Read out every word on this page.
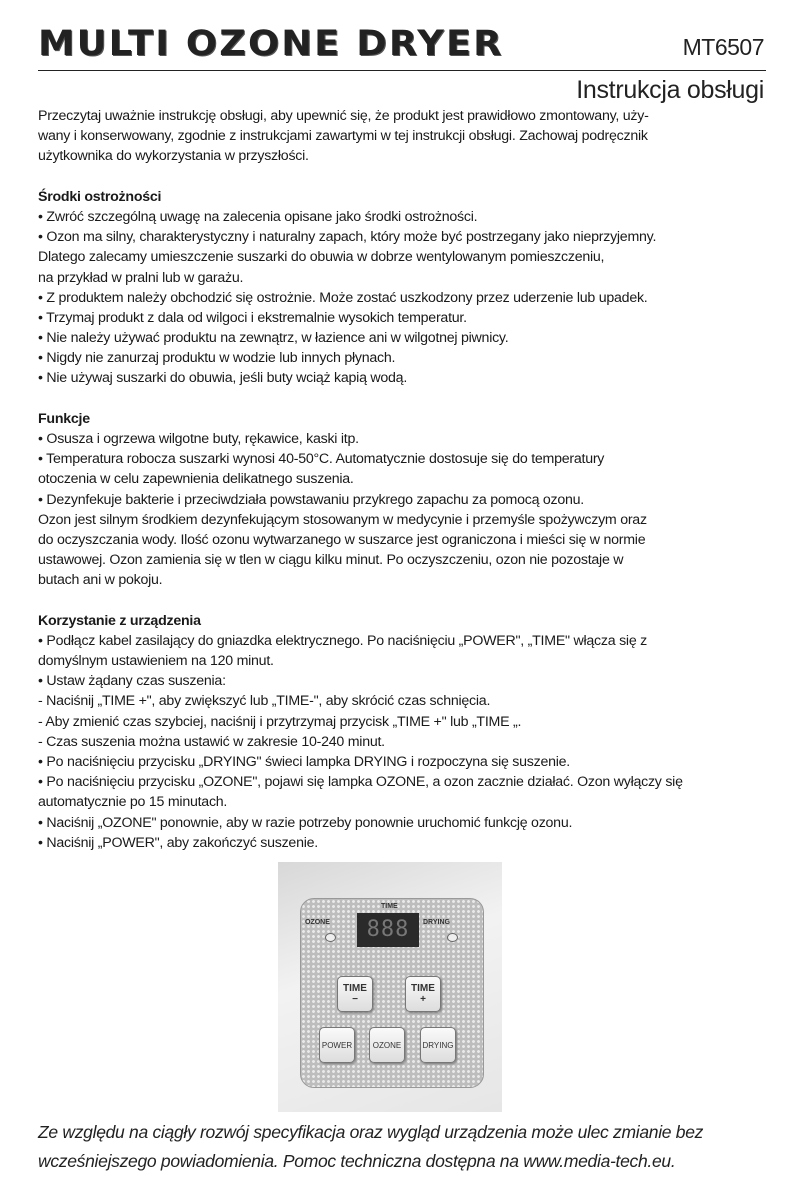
MULTI OZONE DRYER	MT6507
Instrukcja obsługi
Przeczytaj uważnie instrukcję obsługi, aby upewnić się, że produkt jest prawidłowo zmontowany, uży-
wany i konserwowany, zgodnie z instrukcjami zawartymi w tej instrukcji obsługi. Zachowaj podręcznik
użytkownika do wykorzystania w przyszłości.
Środki ostrożności
• Zwróć szczególną uwagę na zalecenia opisane jako środki ostrożności.
• Ozon ma silny, charakterystyczny i naturalny zapach, który może być postrzegany jako nieprzyjemny.
Dlatego zalecamy umieszczenie suszarki do obuwia w dobrze wentylowanym pomieszczeniu,
na przykład w pralni lub w garażu.
• Z produktem należy obchodzić się ostrożnie. Może zostać uszkodzony przez uderzenie lub upadek.
• Trzymaj produkt z dala od wilgoci i ekstremalnie wysokich temperatur.
• Nie należy używać produktu na zewnątrz, w łazience ani w wilgotnej piwnicy.
• Nigdy nie zanurzaj produktu w wodzie lub innych płynach.
• Nie używaj suszarki do obuwia, jeśli buty wciąż kapią wodą.
Funkcje
• Osusza i ogrzewa wilgotne buty, rękawice, kaski itp.
• Temperatura robocza suszarki wynosi 40-50°C. Automatycznie dostosuje się do temperatury
otoczenia w celu zapewnienia delikatnego suszenia.
• Dezynfekuje bakterie i przeciwdziała powstawaniu przykrego zapachu za pomocą ozonu.
Ozon jest silnym środkiem dezynfekującym stosowanym w medycynie i przemyśle spożywczym oraz
do oczyszczania wody. Ilość ozonu wytwarzanego w suszarce jest ograniczona i mieści się w normie
ustawowej. Ozon zamienia się w tlen w ciągu kilku minut. Po oczyszczeniu, ozon nie pozostaje w
butach ani w pokoju.
Korzystanie z urządzenia
• Podłącz kabel zasilający do gniazdka elektrycznego. Po naciśnięciu „POWER", „TIME" włącza się z
domyślnym ustawieniem na 120 minut.
• Ustaw żądany czas suszenia:
- Naciśnij „TIME +", aby zwiększyć lub „TIME-", aby skrócić czas schnięcia.
- Aby zmienić czas szybciej, naciśnij i przytrzymaj przycisk „TIME +" lub „TIME „.
- Czas suszenia można ustawić w zakresie 10-240 minut.
• Po naciśnięciu przycisku „DRYING" świeci lampka DRYING i rozpoczyna się suszenie.
• Po naciśnięciu przycisku „OZONE", pojawi się lampka OZONE, a ozon zacznie działać. Ozon wyłączy się
automatycznie po 15 minutach.
• Naciśnij „OZONE" ponownie, aby w razie potrzeby ponownie uruchomić funkcję ozonu.
• Naciśnij „POWER", aby zakończyć suszenie.
TIME
OZONE	DRYING
888
TIME
−
TIME
+
POWER	OZONE	DRYING
Ze względu na ciągły rozwój specyfikacja oraz wygląd urządzenia może ulec zmianie bez
wcześniejszego powiadomienia. Pomoc techniczna dostępna na www.media-tech.eu.
